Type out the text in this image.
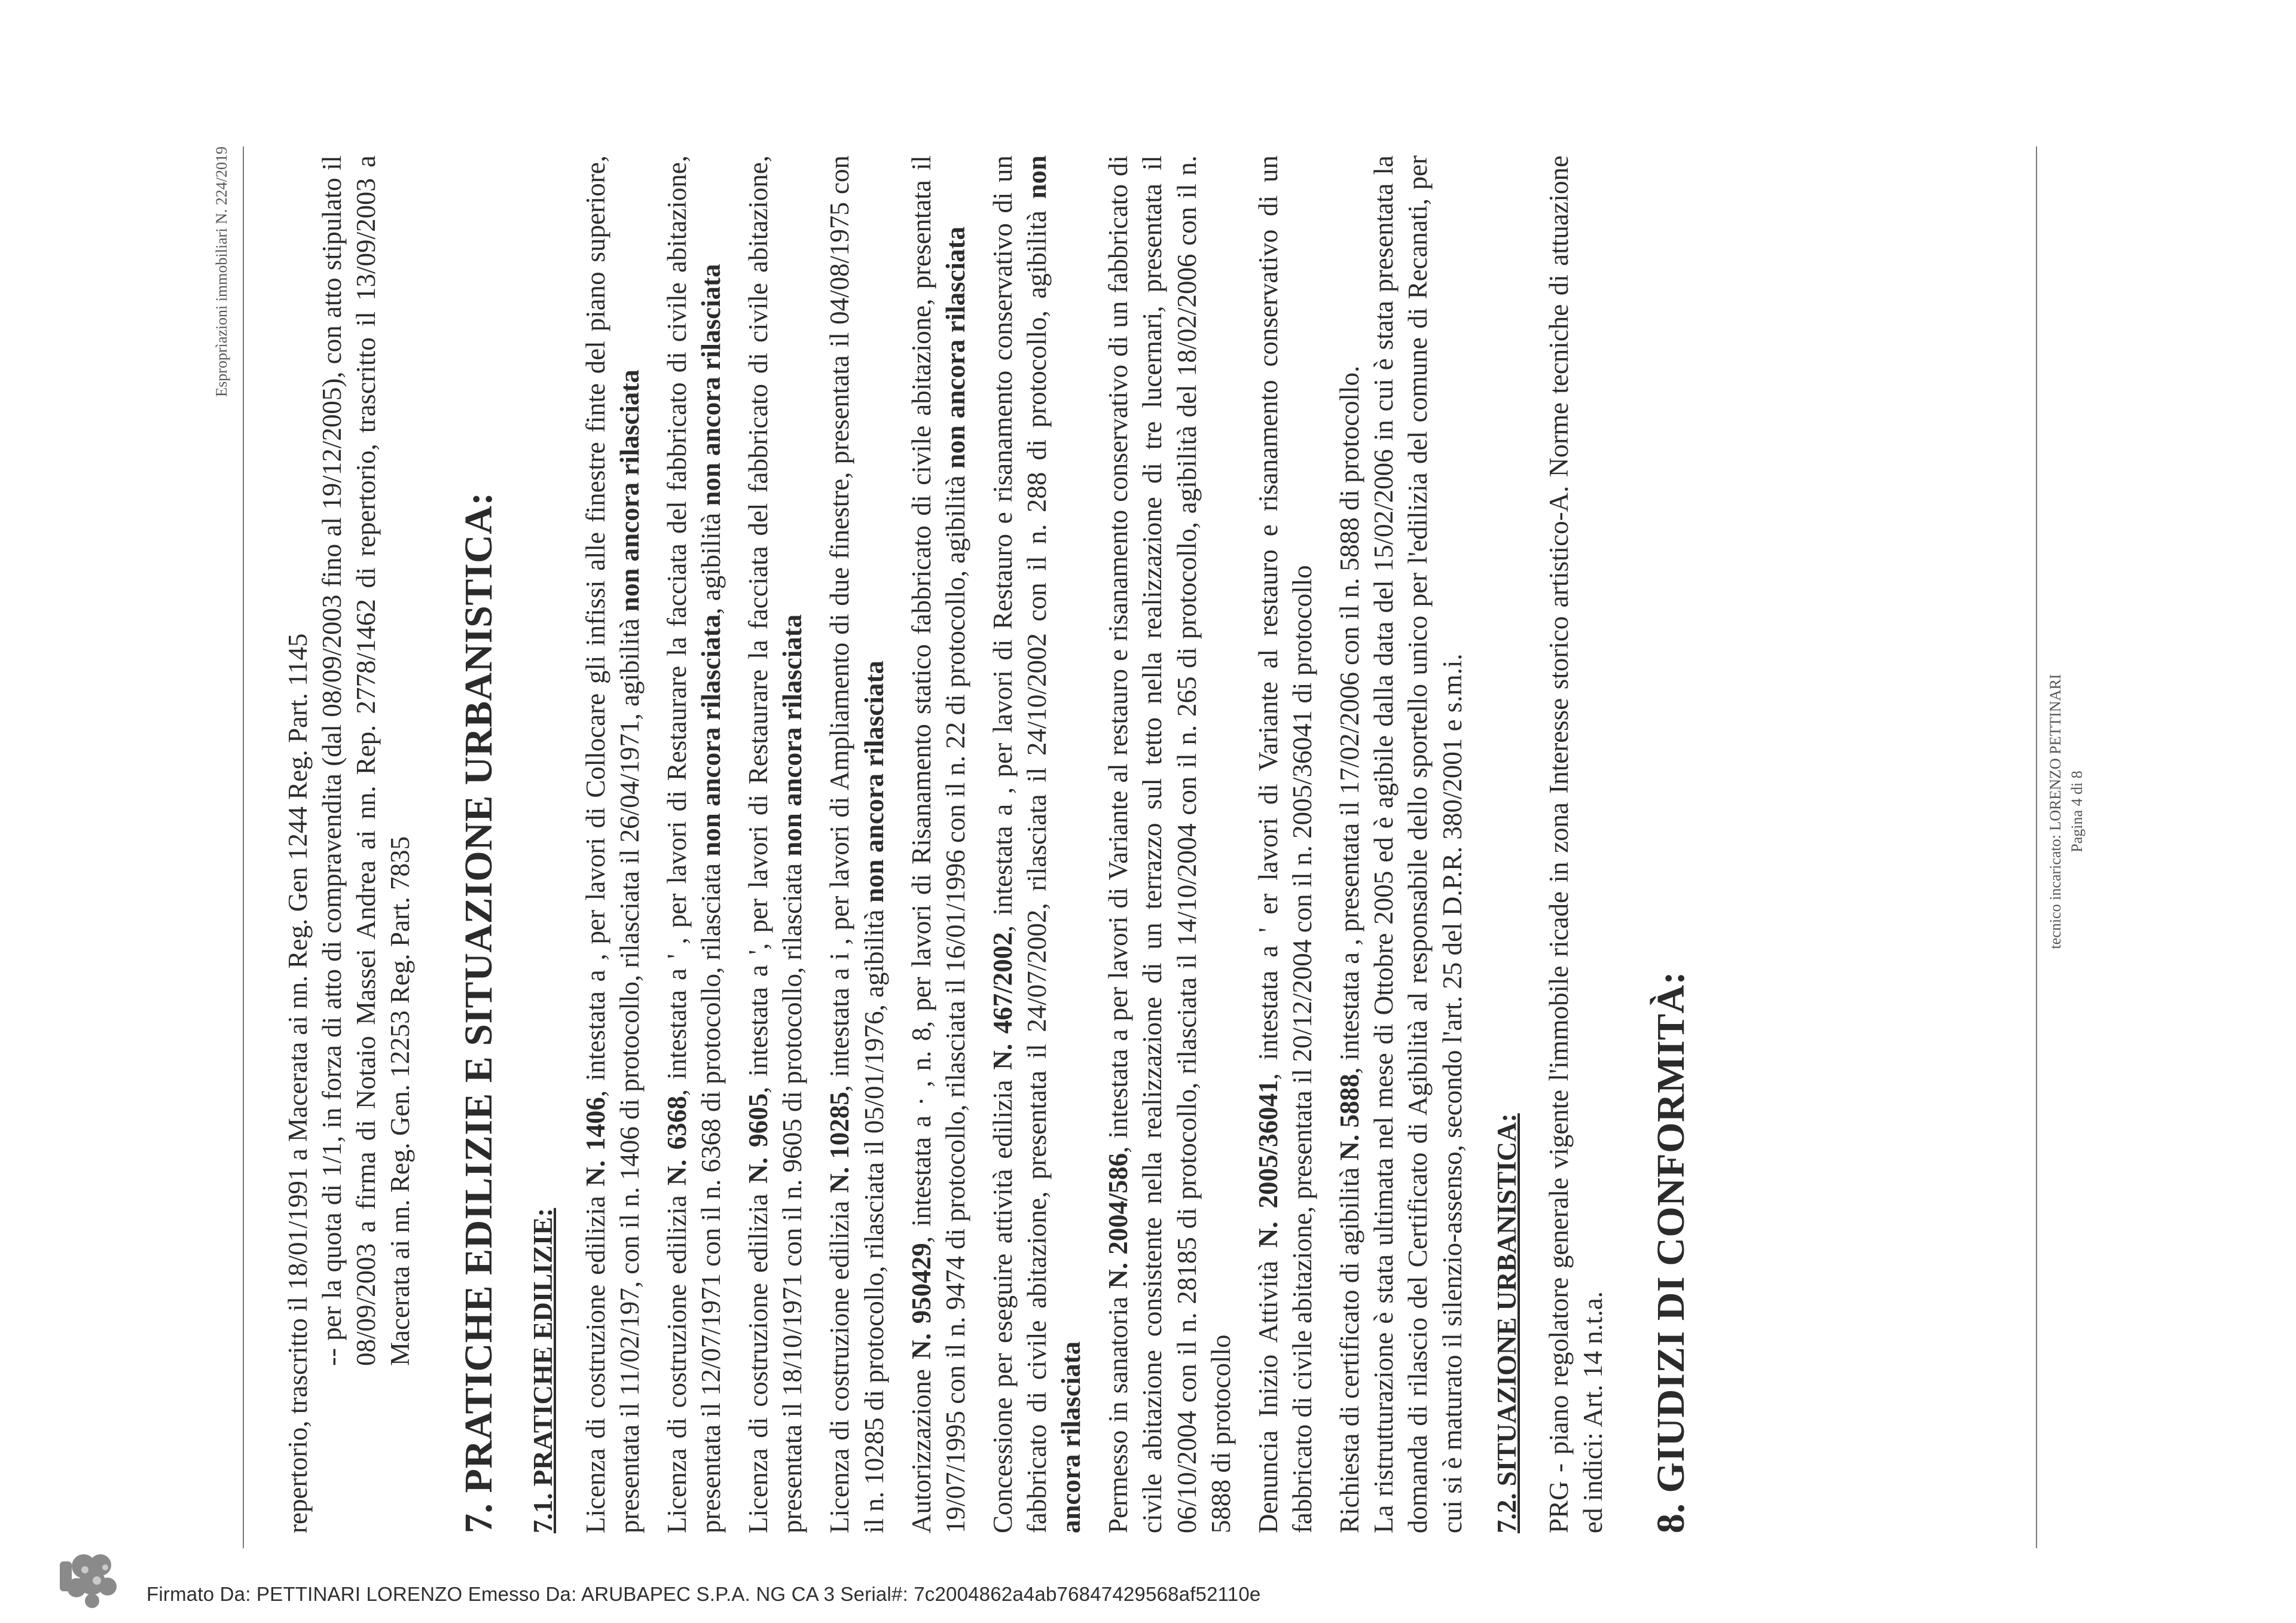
Esproprìazioni immobiliari N. 224/2019

repertorio, trascritto il 18/01/1991 a Macerata ai nn. Reg. Gen 1244 Reg. Part. 1145 -- per la quota di 1/1, in forza di atto di compravendita (dal 08/09/2003 fino al 19/12/2005), con atto stipulato il 08/09/2003 a firma di Notaio Massei Andrea ai nn. Rep. 2778/1462 di repertorio, trascritto il 13/09/2003 a Macerata ai nn. Reg. Gen. 12253 Reg. Part. 7835 7. PRATICHE EDILIZIE E SITUAZIONE URBANISTICA: 7.1. PRATICHE EDILIZIE: Licenza di costruzione edilizia N. 1406, intestata a , per lavori di Collocare gli infissi alle finestre finte del piano superiore, presentata il 11/02/197, con il n. 1406 di protocollo, rilasciata il 26/04/1971, agibilità non ancora rilasciata

Licenza di costruzione edilizia N. 6368, intestata a ' , per lavori di Restaurare la facciata del fabbricato di civile abitazione, presentata il 12/07/1971 con il n. 6368 di protocollo, rilasciata non ancora rilasciata, agibilità non ancora rilasciata

Licenza di costruzione edilizia N. 9605, intestata a ', per lavori di Restaurare la facciata del fabbricato di civile abitazione, presentata il 18/10/1971 con il n. 9605 di protocollo, rilasciata non ancora rilasciata

Licenza di costruzione edilizia N. 10285, intestata a i , per lavori di Ampliamento di due finestre, presentata il 04/08/1975 con il n. 10285 di protocollo, rilasciata il 05/01/1976, agibilità non ancora rilasciata

Autorizzazione N. 950429, intestata a · , n. 8, per lavori di Risanamento statico fabbricato di civile abitazione, presentata il 19/07/1995 con il n. 9474 di protocollo, rilasciata il 16/01/1996 con il n. 22 di protocollo, agibilità non ancora rilasciata

Concessione per eseguire attività edilizia N. 467/2002, intestata a , per lavori di Restauro e risanamento conservativo di un fabbricato di civile abitazione, presentata il 24/07/2002, rilasciata il 24/10/2002 con il n. 288 di protocollo, agibilità non ancora rilasciata Permesso in sanatoria N. 2004/586, intestata a per lavori di Variante al restauro e risanamento conservativo di un fabbricato di civile abitazione consistente nella realizzazione di un terrazzo sul tetto nella realizzazione di tre lucernari, presentata il 06/10/2004 con il n. 28185 di protocollo, rilasciata il 14/10/2004 con il n. 265 di protocollo, agibilità del 18/02/2006 con il n. 5888 di protocollo Denuncia Inizio Attività N. 2005/36041, intestata a ' er lavori di Variante al restauro e risanamento conservativo di un fabbricato di civile abitazione, presentata il 20/12/2004 con il n. 2005/36041 di protocollo Richiesta di certificato di agibilità N. 5888, intestata a , presentata il 17/02/2006 con il n. 5888 di protocollo. La ristrutturazione è stata ultimata nel mese di Ottobre 2005 ed è agibile dalla data del 15/02/2006 in cui è stata presentata la domanda di rilascio del Certificato di Agibilità al responsabile dello sportello unico per l'edilizia del comune di Recanati, per cui si è maturato il silenzio-assenso, secondo l'art. 25 del D.P.R. 380/2001 e s.m.i. 7.2. SITUAZIONE URBANISTICA: PRG - piano regolatore generale vigente l'immobile ricade in zona Interesse storico artistico-A. Norme tecniche di attuazione ed indici: Art. 14 n.t.a. 8. GIUDIZI DI CONFORMITÀ:

tecnico incaricato: LORENZO PETTINARI Pagina 4 di 8
Firmato Da: PETTINARI LORENZO Emesso Da: ARUBAPEC S.P.A. NG CA 3 Serial#: 7c2004862a4ab76847429568af52110e
